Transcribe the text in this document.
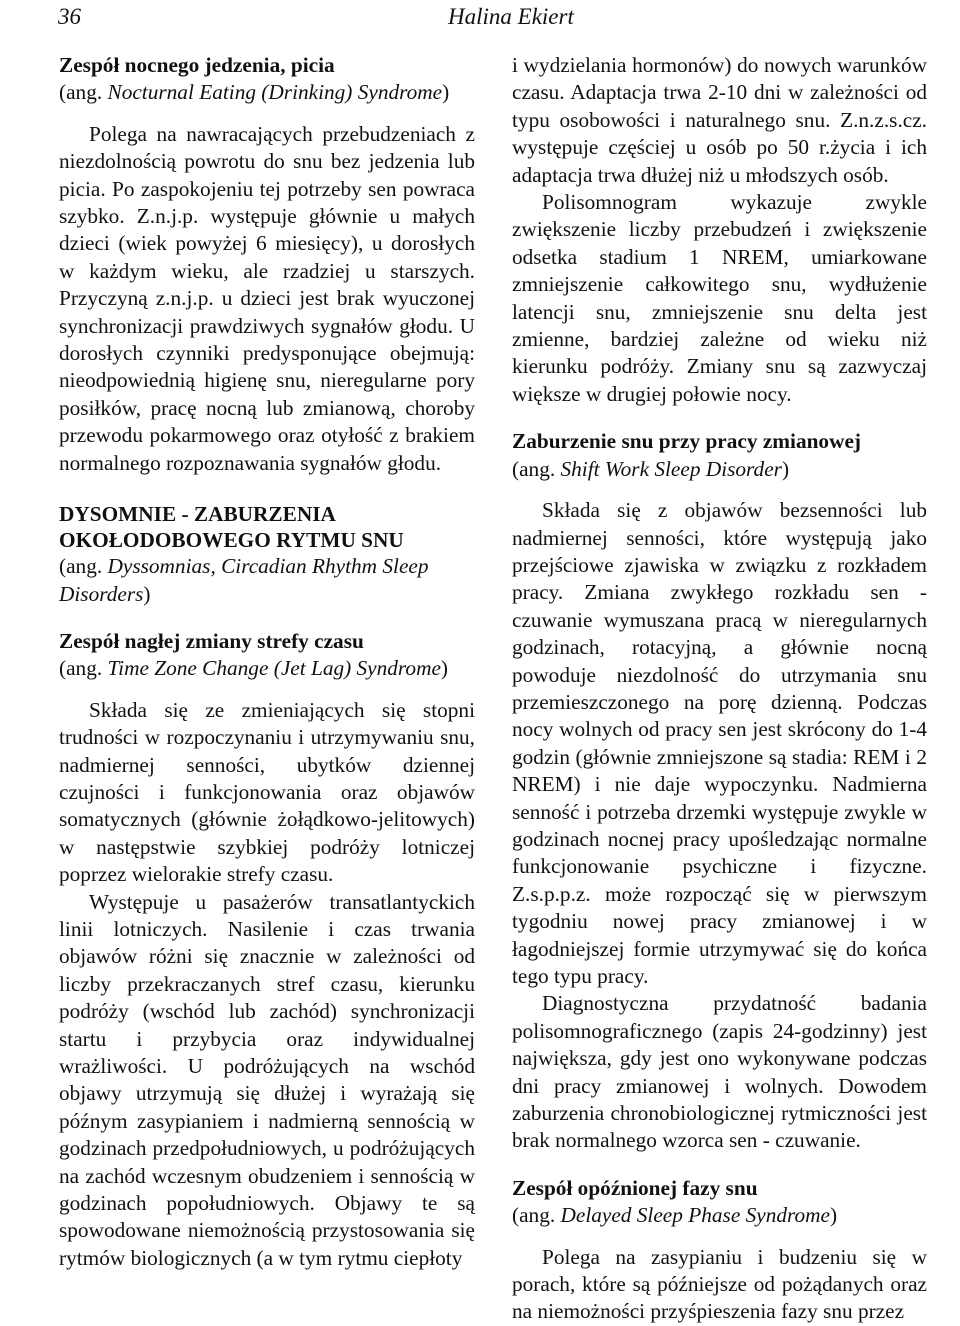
36	Halina Ekiert

Zespół nocnego jedzenia, picia

(ang. Nocturnal Eating (Drinking) Syndrome)

Polega na nawracających przebudzeniach z niezdolnością powrotu do snu bez jedzenia lub picia. Po zaspokojeniu tej potrzeby sen powraca szybko. Z.n.j.p. występuje głównie u małych dzieci (wiek powyżej 6 miesięcy), u dorosłych w każdym wieku, ale rzadziej u starszych. Przyczyną z.n.j.p. u dzieci jest brak wyuczonej synchronizacji prawdziwych sygnałów głodu. U dorosłych czynniki predysponujące obejmują: nieodpowiednią higienę snu, nieregularne pory posiłków, pracę nocną lub zmianową, choroby przewodu pokarmowego oraz otyłość z brakiem normalnego rozpoznawania sygnałów głodu.

DYSOMNIE - ZABURZENIA
OKOŁODOBOWEGO RYTMU SNU

(ang. Dyssomnias, Circadian Rhythm Sleep Disorders)

Zespół nagłej zmiany strefy czasu

(ang. Time Zone Change (Jet Lag) Syndrome)

Składa się ze zmieniających się stopni trudności w rozpoczynaniu i utrzymywaniu snu, nadmiernej senności, ubytków dziennej czujności i funkcjonowania oraz objawów somatycznych (głównie żołądkowo-jelitowych) w następstwie szybkiej podróży lotniczej poprzez wielorakie strefy czasu.

Występuje u pasażerów transatlantyckich linii lotniczych. Nasilenie i czas trwania objawów różni się znacznie w zależności od liczby przekraczanych stref czasu, kierunku podróży (wschód lub zachód) synchronizacji startu i przybycia oraz indywidualnej wrażliwości. U podróżujących na wschód objawy utrzymują się dłużej i wyrażają się późnym zasypianiem i nadmierną sennością w godzinach przedpołudniowych, u podróżujących na zachód wczesnym obudzeniem i sennością w godzinach popołudniowych. Objawy te są spowodowane niemożnością przystosowania się rytmów biologicznych (a w tym rytmu ciepłoty

i wydzielania hormonów) do nowych warunków czasu. Adaptacja trwa 2-10 dni w zależności od typu osobowości i naturalnego snu. Z.n.z.s.cz. występuje częściej u osób po 50 r.życia i ich adaptacja trwa dłużej niż u młodszych osób.

Polisomnogram wykazuje zwykle zwiększenie liczby przebudzeń i zwiększenie odsetka stadium 1 NREM, umiarkowane zmniejszenie całkowitego snu, wydłużenie latencji snu, zmniejszenie snu delta jest zmienne, bardziej zależne od wieku niż kierunku podróży. Zmiany snu są zazwyczaj większe w drugiej połowie nocy.

Zaburzenie snu przy pracy zmianowej

(ang. Shift Work Sleep Disorder)

Składa się z objawów bezsenności lub nadmiernej senności, które występują jako przejściowe zjawiska w związku z rozkładem pracy. Zmiana zwykłego rozkładu sen - czuwanie wymuszana pracą w nieregularnych godzinach, rotacyjną, a głównie nocną powoduje niezdolność do utrzymania snu przemieszczonego na porę dzienną. Podczas nocy wolnych od pracy sen jest skrócony do 1-4 godzin (głównie zmniejszone są stadia: REM i 2 NREM) i nie daje wypoczynku. Nadmierna senność i potrzeba drzemki występuje zwykle w godzinach nocnej pracy upośledzając normalne funkcjonowanie psychiczne i fizyczne. Z.s.p.p.z. może rozpocząć się w pierwszym tygodniu nowej pracy zmianowej i w łagodniejszej formie utrzymywać się do końca tego typu pracy.

Diagnostyczna przydatność badania polisomnograficznego (zapis 24-godzinny) jest największa, gdy jest ono wykonywane podczas dni pracy zmianowej i wolnych. Dowodem zaburzenia chronobiologicznej rytmiczności jest brak normalnego wzorca sen - czuwanie.

Zespół opóźnionej fazy snu

(ang. Delayed Sleep Phase Syndrome)

Polega na zasypianiu i budzeniu się w porach, które są późniejsze od pożądanych oraz na niemożności przyśpieszenia fazy snu przez
